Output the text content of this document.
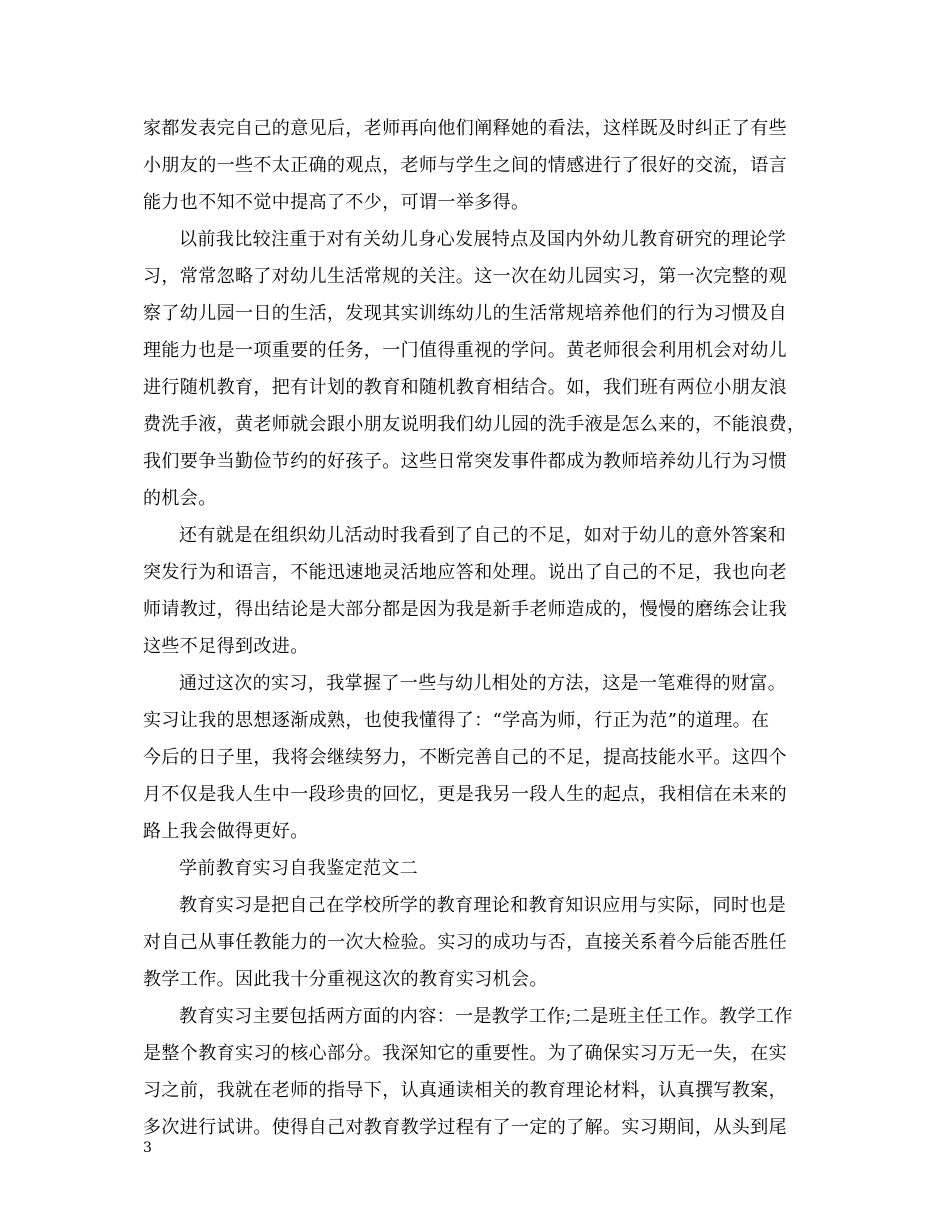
家都发表完自己的意见后，老师再向他们阐释她的看法，这样既及时纠正了有些
小朋友的一些不太正确的观点，老师与学生之间的情感进行了很好的交流，语言
能力也不知不觉中提高了不少，可谓一举多得。
以前我比较注重于对有关幼儿身心发展特点及国内外幼儿教育研究的理论学
习，常常忽略了对幼儿生活常规的关注。这一次在幼儿园实习，第一次完整的观
察了幼儿园一日的生活，发现其实训练幼儿的生活常规培养他们的行为习惯及自
理能力也是一项重要的任务，一门值得重视的学问。黄老师很会利用机会对幼儿
进行随机教育，把有计划的教育和随机教育相结合。如，我们班有两位小朋友浪
费洗手液，黄老师就会跟小朋友说明我们幼儿园的洗手液是怎么来的，不能浪费，
我们要争当勤俭节约的好孩子。这些日常突发事件都成为教师培养幼儿行为习惯
的机会。
还有就是在组织幼儿活动时我看到了自己的不足，如对于幼儿的意外答案和
突发行为和语言，不能迅速地灵活地应答和处理。说出了自己的不足，我也向老
师请教过，得出结论是大部分都是因为我是新手老师造成的，慢慢的磨练会让我
这些不足得到改进。
通过这次的实习，我掌握了一些与幼儿相处的方法，这是一笔难得的财富。
实习让我的思想逐渐成熟，也使我懂得了：“学高为师，行正为范”的道理。在
今后的日子里，我将会继续努力，不断完善自己的不足，提高技能水平。这四个
月不仅是我人生中一段珍贵的回忆，更是我另一段人生的起点，我相信在未来的
路上我会做得更好。
学前教育实习自我鉴定范文二
教育实习是把自己在学校所学的教育理论和教育知识应用与实际，同时也是
对自己从事任教能力的一次大检验。实习的成功与否，直接关系着今后能否胜任
教学工作。因此我十分重视这次的教育实习机会。
教育实习主要包括两方面的内容：一是教学工作;二是班主任工作。教学工作
是整个教育实习的核心部分。我深知它的重要性。为了确保实习万无一失，在实
习之前，我就在老师的指导下，认真通读相关的教育理论材料，认真撰写教案，
多次进行试讲。使得自己对教育教学过程有了一定的了解。实习期间，从头到尾
3
